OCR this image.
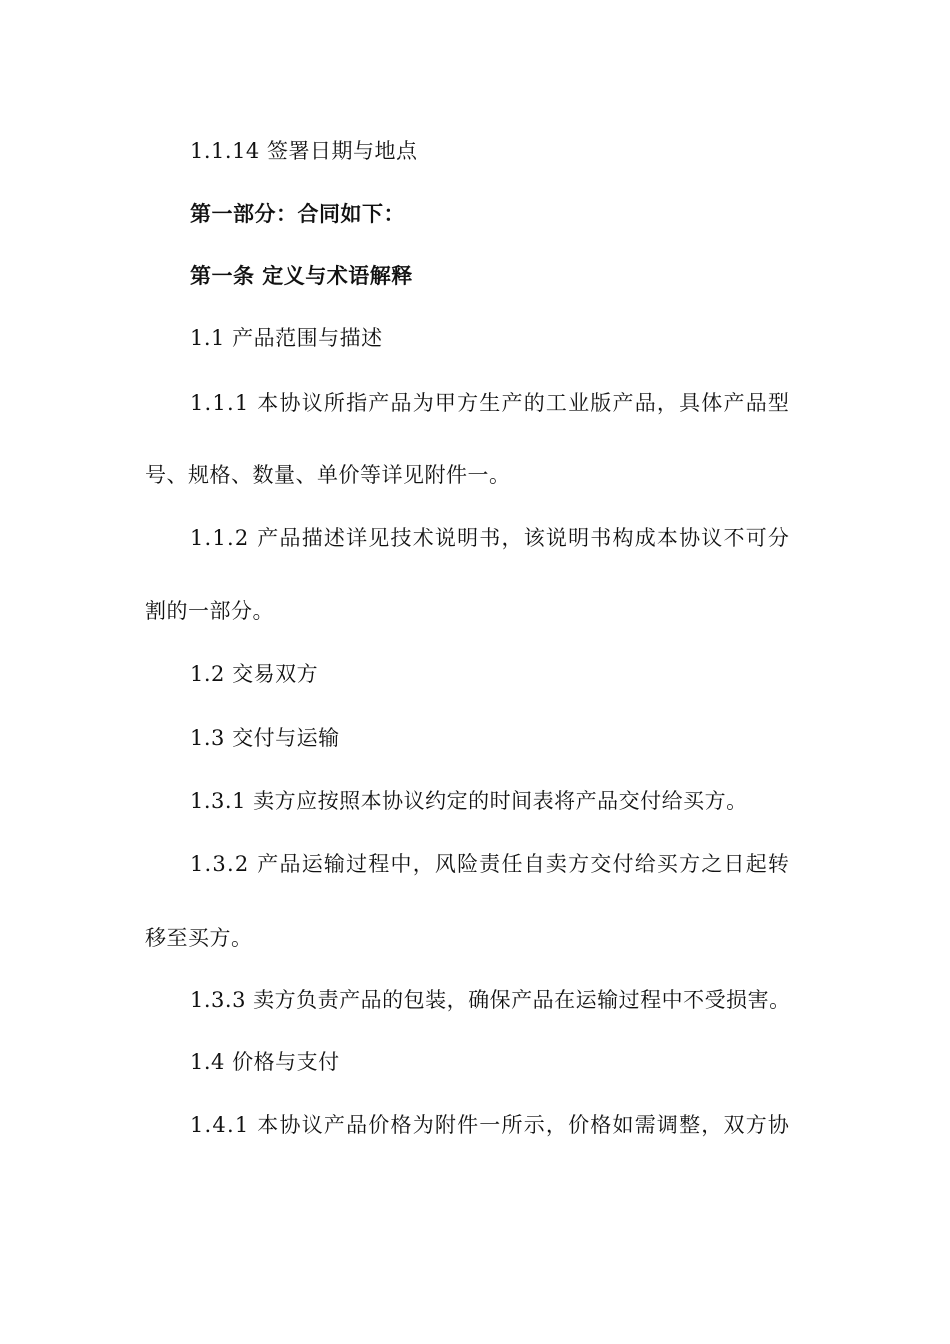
1.1.14 签署日期与地点
第一部分：合同如下：
第一条 定义与术语解释
1.1 产品范围与描述
1.1.1 本协议所指产品为甲方生产的工业版产品，具体产品型
号、规格、数量、单价等详见附件一。
1.1.2 产品描述详见技术说明书，该说明书构成本协议不可分
割的一部分。
1.2 交易双方
1.3 交付与运输
1.3.1 卖方应按照本协议约定的时间表将产品交付给买方。
1.3.2 产品运输过程中，风险责任自卖方交付给买方之日起转
移至买方。
1.3.3 卖方负责产品的包装，确保产品在运输过程中不受损害。
1.4 价格与支付
1.4.1 本协议产品价格为附件一所示，价格如需调整，双方协
